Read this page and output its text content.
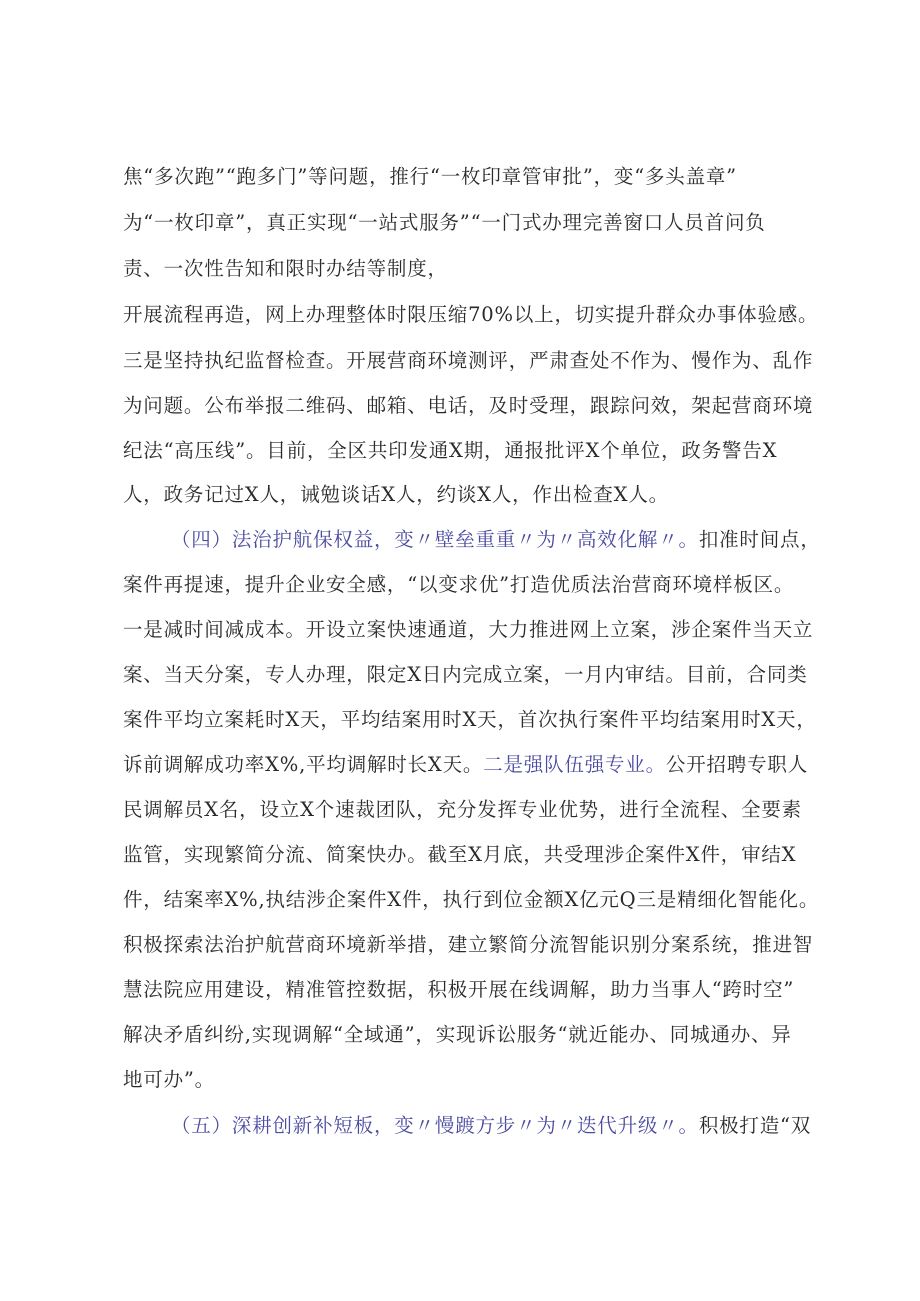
焦“多次跑”“跑多门”等问题，推行“一枚印章管审批”，变“多头盖章”
为“一枚印章”，真正实现“一站式服务”“一门式办理完善窗口人员首问负
责、一次性告知和限时办结等制度，
开展流程再造，网上办理整体时限压缩70%以上，切实提升群众办事体验感。
三是坚持执纪监督检查。开展营商环境测评，严肃查处不作为、慢作为、乱作
为问题。公布举报二维码、邮箱、电话，及时受理，跟踪问效，架起营商环境
纪法“高压线”。目前，全区共印发通X期，通报批评X个单位，政务警告X
人，政务记过X人，诫勉谈话X人，约谈X人，作出检查X人。
（四）法治护航保权益，变〃壁垒重重〃为〃高效化解〃。扣准时间点，
案件再提速，提升企业安全感，“以变求优”打造优质法治营商环境样板区。
一是减时间减成本。开设立案快速通道，大力推进网上立案，涉企案件当天立
案、当天分案，专人办理，限定X日内完成立案，一月内审结。目前，合同类
案件平均立案耗时X天，平均结案用时X天，首次执行案件平均结案用时X天，
诉前调解成功率X%,平均调解时长X天。二是强队伍强专业。公开招聘专职人
民调解员X名，设立X个速裁团队，充分发挥专业优势，进行全流程、全要素
监管，实现繁简分流、简案快办。截至X月底，共受理涉企案件X件，审结X
件，结案率X%,执结涉企案件X件，执行到位金额X亿元Q三是精细化智能化。
积极探索法治护航营商环境新举措，建立繁简分流智能识别分案系统，推进智
慧法院应用建设，精准管控数据，积极开展在线调解，助力当事人“跨时空”
解决矛盾纠纷,实现调解“全域通”，实现诉讼服务“就近能办、同城通办、异
地可办”。
（五）深耕创新补短板，变〃慢踱方步〃为〃迭代升级〃。积极打造“双
